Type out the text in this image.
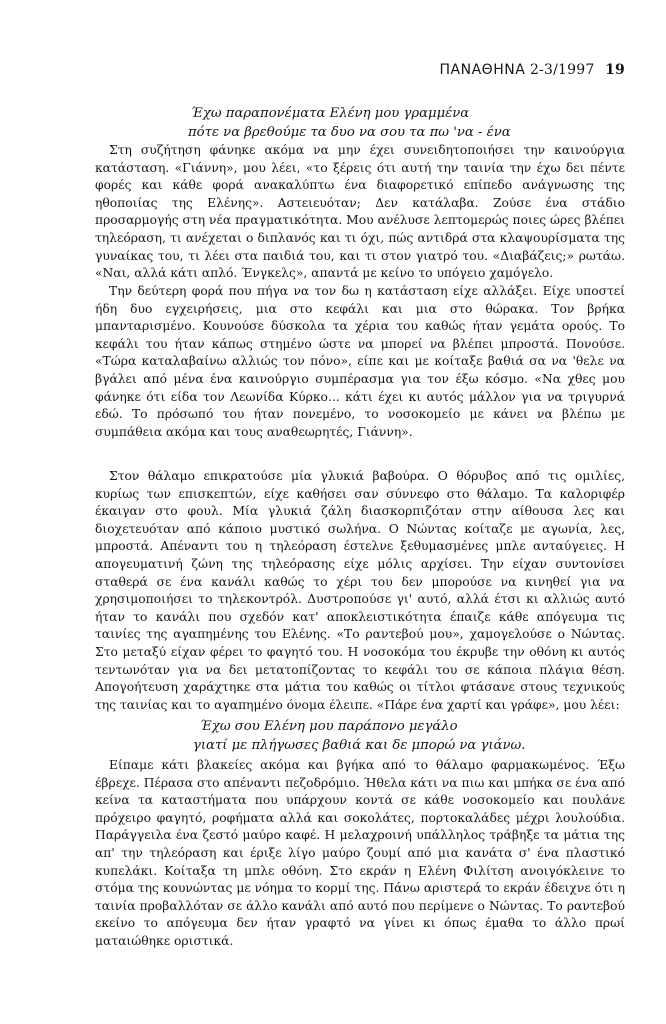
ΠΑΝΑΘΗΝΑ 2-3/1997 19
Έχω παραπονέματα Ελένη μου γραμμένα
πότε να βρεθούμε τα δυο να σου τα πω 'να - ένα

Στη συζήτηση φάνηκε ακόμα να μην έχει συνειδητοποιήσει την καινούργια κατάσταση. «Γιάννη», μου λέει, «το ξέρεις ότι αυτή την ταινία την έχω δει πέντε φορές και κάθε φορά ανακαλύπτω ένα διαφορετικό επίπεδο ανάγνωσης της ηθοποιίας της Ελένης». Αστειευόταν; Δεν κατάλαβα. Ζούσε ένα στάδιο προσαρμογής στη νέα πραγματικότητα. Μου ανέλυσε λεπτομερώς ποιες ώρες βλέπει τηλεόραση, τι ανέχεται ο διπλανός και τι όχι, πώς αντιδρά στα κλαψουρίσματα της γυναίκας του, τι λέει στα παιδιά του, και τι στον γιατρό του. «Διαβάζεις;» ρωτάω. «Ναι, αλλά κάτι απλό. Ένγκελς», απαντά με κείνο το υπόγειο χαμόγελο.

Την δεύτερη φορά που πήγα να τον δω η κατάσταση είχε αλλάξει. Είχε υποστεί ήδη δυο εγχειρήσεις, μια στο κεφάλι και μια στο θώρακα. Τον βρήκα μπανταρισμένο. Κουνούσε δύσκολα τα χέρια του καθώς ήταν γεμάτα ορούς. Το κεφάλι του ήταν κάπως στημένο ώστε να μπορεί να βλέπει μπροστά. Πονούσε. «Τώρα καταλαβαίνω αλλιώς τον πόνο», είπε και με κοίταξε βαθιά σα να 'θελε να βγάλει από μένα ένα καινούργιο συμπέρασμα για τον έξω κόσμο. «Να χθες μου φάνηκε ότι είδα τον Λεωνίδα Κύρκο... κάτι έχει κι αυτός μάλλον για να τριγυρνά εδώ. Το πρόσωπό του ήταν πονεμένο, το νοσοκομείο με κάνει να βλέπω με συμπάθεια ακόμα και τους αναθεωρητές, Γιάννη».

Στον θάλαμο επικρατούσε μία γλυκιά βαβούρα. Ο θόρυβος από τις ομιλίες, κυρίως των επισκεπτών, είχε καθήσει σαν σύννεφο στο θάλαμο. Τα καλοριφέρ έκαιγαν στο φουλ. Μία γλυκιά ζάλη διασκορπιζόταν στην αίθουσα λες και διοχετευόταν από κάποιο μυστικό σωλήνα. Ο Νώντας κοίταζε με αγωνία, λες, μπροστά. Απέναντι του η τηλεόραση έστελνε ξεθυμασμένες μπλε ανταύγειες. Η απογευματινή ζώνη της τηλεόρασης είχε μόλις αρχίσει. Την είχαν συντονίσει σταθερά σε ένα κανάλι καθώς το χέρι του δεν μπορούσε να κινηθεί για να χρησιμοποιήσει το τηλεκοντρόλ. Δυστροπούσε γι' αυτό, αλλά έτσι κι αλλιώς αυτό ήταν το κανάλι που σχεδόν κατ' αποκλειστικότητα έπαιζε κάθε απόγευμα τις ταινίες της αγαπημένης του Ελένης. «Το ραντεβού μου», χαμογελούσε ο Νώντας. Στο μεταξύ είχαν φέρει το φαγητό του. Η νοσοκόμα του έκρυβε την οθόνη κι αυτός τεντωνόταν για να δει μετατοπίζοντας το κεφάλι του σε κάποια πλάγια θέση. Απογοήτευση χαράχτηκε στα μάτια του καθώς οι τίτλοι φτάσανε στους τεχνικούς της ταινίας και το αγαπημένο όνομα έλειπε. «Πάρε ένα χαρτί και γράφε», μου λέει:

Έχω σου Ελένη μου παράπονο μεγάλο
γιατί με πλήγωσες βαθιά και δε μπορώ να γιάνω.

Είπαμε κάτι βλακείες ακόμα και βγήκα από το θάλαμο φαρμακωμένος. Έξω έβρεχε. Πέρασα στο απέναντι πεζοδρόμιο. Ήθελα κάτι να πιω και μπήκα σε ένα από κείνα τα καταστήματα που υπάρχουν κοντά σε κάθε νοσοκομείο και πουλάνε πρόχειρο φαγητό, ροφήματα αλλά και σοκολάτες, πορτοκαλάδες μέχρι λουλούδια. Παράγγειλα ένα ζεστό μαύρο καφέ. Η μελαχροινή υπάλληλος τράβηξε τα μάτια της απ' την τηλεόραση και έριξε λίγο μαύρο ζουμί από μια κανάτα σ' ένα πλαστικό κυπελάκι. Κοίταξα τη μπλε οθόνη. Στο εκράν η Ελένη Φιλίτση ανοιγόκλεινε το στόμα της κουνώντας με νόημα το κορμί της. Πάνω αριστερά το εκράν έδειχνε ότι η ταινία προβαλλόταν σε άλλο κανάλι από αυτό που περίμενε ο Νώντας. Το ραντεβού εκείνο το απόγευμα δεν ήταν γραφτό να γίνει κι όπως έμαθα το άλλο πρωί ματαιώθηκε οριστικά.
